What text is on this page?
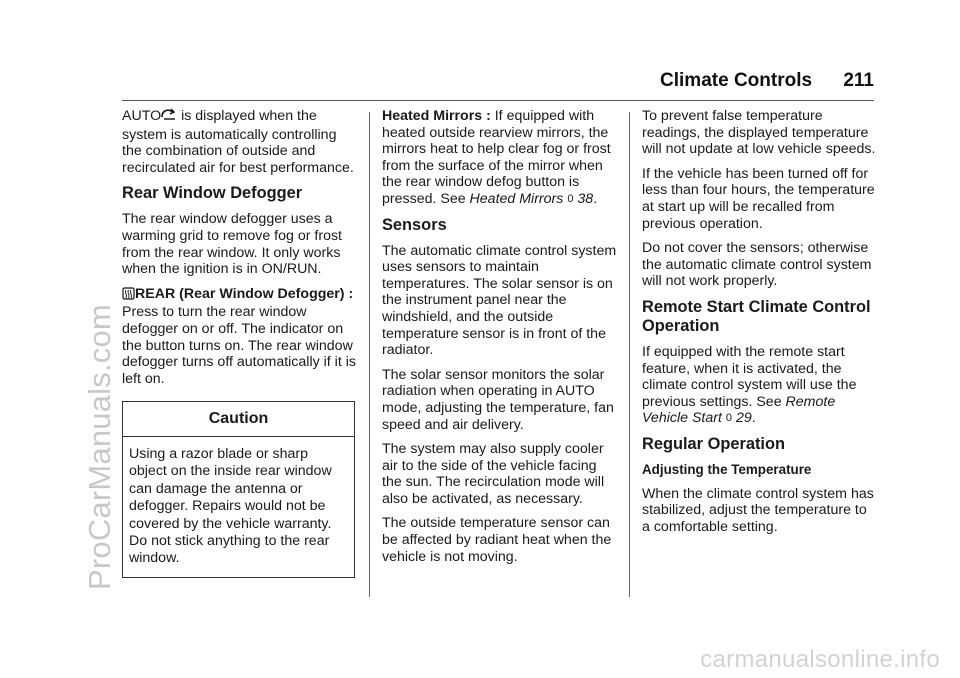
ProCarManuals.com
Climate Controls 211

AUTO is displayed when the system is automatically controlling the combination of outside and recirculated air for best performance.

Rear Window Defogger

The rear window defogger uses a warming grid to remove fog or frost from the rear window. It only works when the ignition is in ON/RUN.

REAR (Rear Window Defogger) : Press to turn the rear window defogger on or off. The indicator on the button turns on. The rear window defogger turns off automatically if it is left on.

Caution
Using a razor blade or sharp object on the inside rear window can damage the antenna or defogger. Repairs would not be covered by the vehicle warranty. Do not stick anything to the rear window.

Heated Mirrors : If equipped with heated outside rearview mirrors, the mirrors heat to help clear fog or frost from the surface of the mirror when the rear window defog button is pressed. See Heated Mirrors 0 38.

Sensors

The automatic climate control system uses sensors to maintain temperatures. The solar sensor is on the instrument panel near the windshield, and the outside temperature sensor is in front of the radiator.

The solar sensor monitors the solar radiation when operating in AUTO mode, adjusting the temperature, fan speed and air delivery.

The system may also supply cooler air to the side of the vehicle facing the sun. The recirculation mode will also be activated, as necessary.

The outside temperature sensor can be affected by radiant heat when the vehicle is not moving.

To prevent false temperature readings, the displayed temperature will not update at low vehicle speeds.

If the vehicle has been turned off for less than four hours, the temperature at start up will be recalled from previous operation.

Do not cover the sensors; otherwise the automatic climate control system will not work properly.

Remote Start Climate Control Operation

If equipped with the remote start feature, when it is activated, the climate control system will use the previous settings. See Remote Vehicle Start 0 29.

Regular Operation
Adjusting the Temperature

When the climate control system has stabilized, adjust the temperature to a comfortable setting.

carmanualsonline.info
